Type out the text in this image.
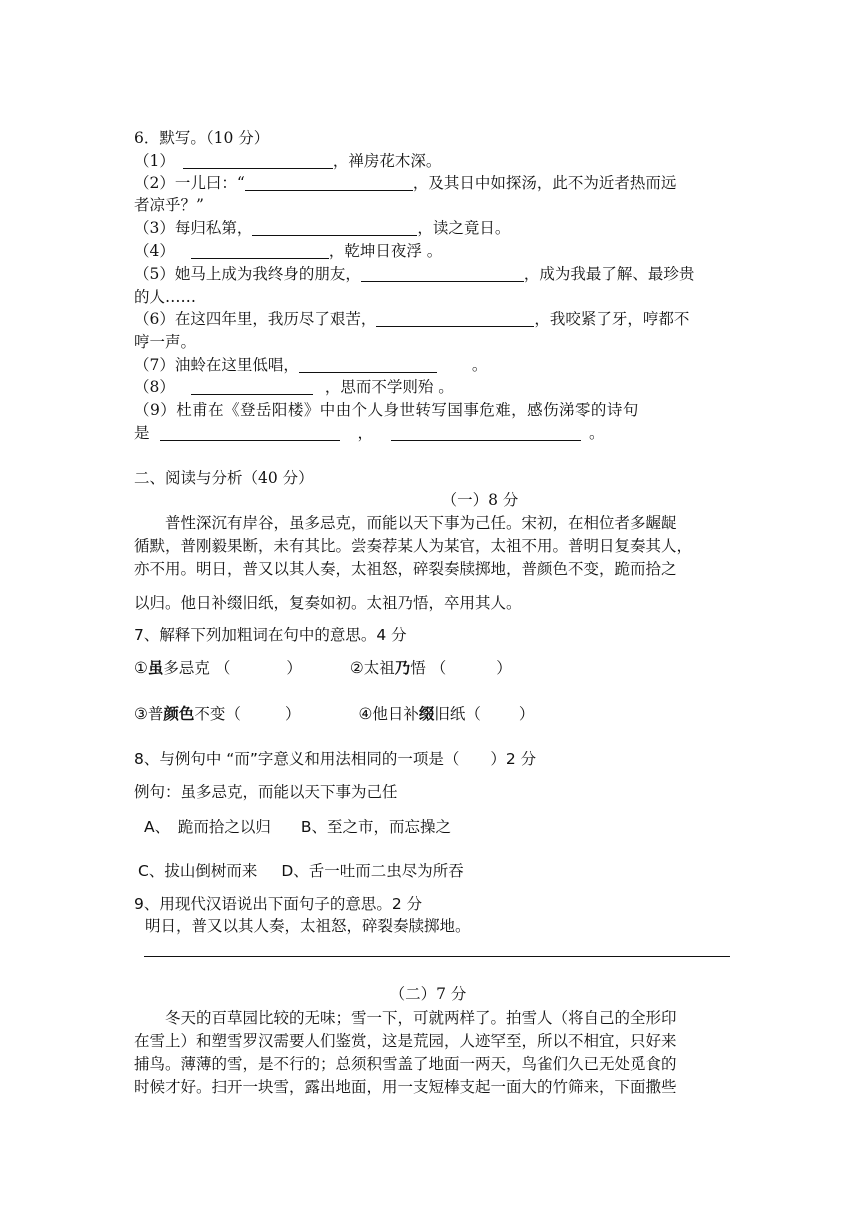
6．默写。（10 分）
（1）	，禅房花木深。
（2）一儿曰：“	，及其日中如探汤，此不为近者热而远
者凉乎？”
（3）每归私第，	，读之竟日。
（4）	，乾坤日夜浮 。
（5）她马上成为我终身的朋友，	，成为我最了解、最珍贵
的人……
（6）在这四年里，我历尽了艰苦，	，我咬紧了牙，哼都不
哼一声。
（7）油蛉在这里低唱，	。
（8）	，思而不学则殆 。
（9）杜甫在《登岳阳楼》中由个人身世转写国事危难，感伤涕零的诗句
是	，	。
二、阅读与分析（40 分）
（一）8 分
普性深沉有岸谷，虽多忌克，而能以天下事为己任。宋初，在相位者多龌龊
循默，普刚毅果断，未有其比。尝奏荐某人为某官，太祖不用。普明日复奏其人，
亦不用。明日，普又以其人奏，太祖怒，碎裂奏牍掷地，普颜色不变，跪而拾之
以归。他日补缀旧纸，复奏如初。太祖乃悟，卒用其人。
7、解释下列加粗词在句中的意思。4 分
①虽多忌克 （	）	②太祖乃悟 （	）
③普颜色不变（	）	④他日补缀旧纸（ ）
8、与例句中 “而”字意义和用法相同的一项是（　　）2 分
例句：虽多忌克，而能以天下事为己任
A、　跪而拾之以归 B、至之市，而忘操之
C、拔山倒树而来 D、舌一吐而二虫尽为所吞
9、用现代汉语说出下面句子的意思。2 分
明日，普又以其人奏，太祖怒，碎裂奏牍掷地。
（二）7 分
冬天的百草园比较的无味；雪一下，可就两样了。拍雪人（将自己的全形印
在雪上）和塑雪罗汉需要人们鉴赏，这是荒园，人迹罕至，所以不相宜，只好来
捕鸟。薄薄的雪，是不行的；总须积雪盖了地面一两天，鸟雀们久已无处觅食的
时候才好。扫开一块雪，露出地面，用一支短棒支起一面大的竹筛来，下面撒些
